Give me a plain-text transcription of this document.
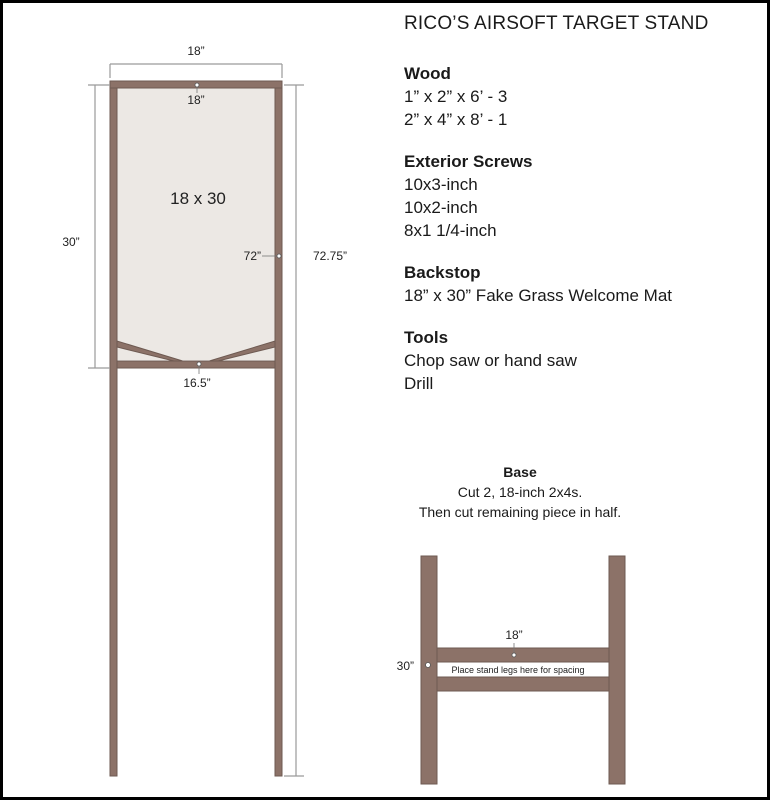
18”
18 x 30
18”
16.5”
30”
72.75”
72”
Place stand legs here for spacing
18”
30”
RICO’S AIRSOFT TARGET STAND
Wood
1” x 2” x 6’ - 3
2” x 4” x 8’ - 1
Exterior Screws
10x3-inch
10x2-inch
8x1 1/4-inch
Backstop
18” x 30” Fake Grass Welcome Mat
Tools
Chop saw or hand saw
Drill
Base
Cut 2, 18-inch 2x4s.
Then cut remaining piece in half.
